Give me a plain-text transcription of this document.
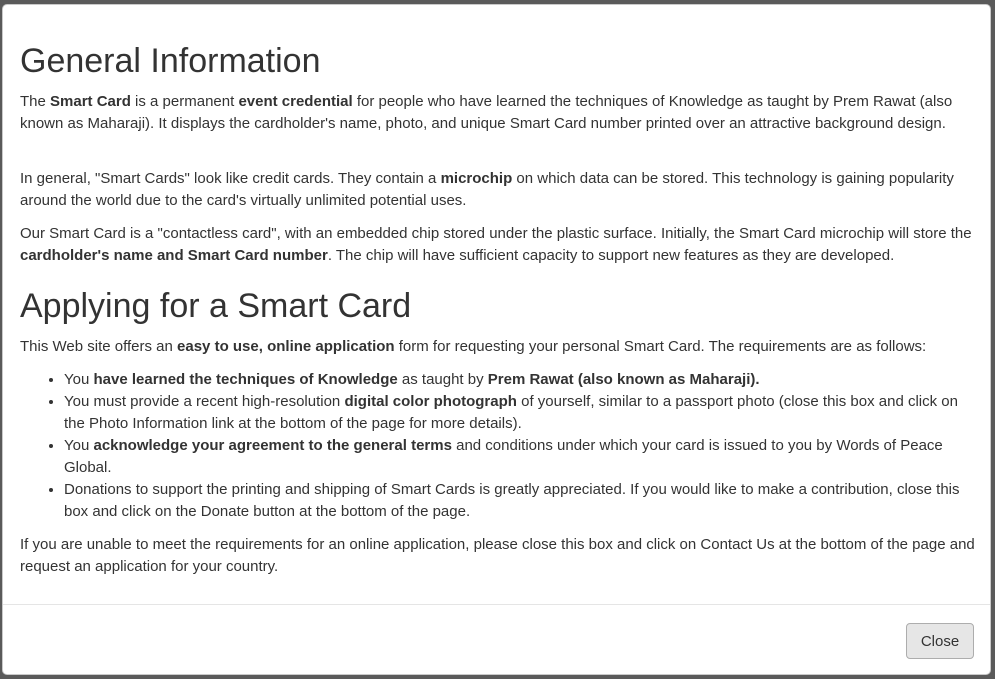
General Information

The Smart Card is a permanent event credential for people who have learned the techniques of Knowledge as taught by Prem Rawat (also known as Maharaji). It displays the cardholder's name, photo, and unique Smart Card number printed over an attractive background design.

In general, "Smart Cards" look like credit cards. They contain a microchip on which data can be stored. This technology is gaining popularity around the world due to the card's virtually unlimited potential uses.

Our Smart Card is a "contactless card", with an embedded chip stored under the plastic surface. Initially, the Smart Card microchip will store the cardholder's name and Smart Card number. The chip will have sufficient capacity to support new features as they are developed.

Applying for a Smart Card

This Web site offers an easy to use, online application form for requesting your personal Smart Card. The requirements are as follows:

• You have learned the techniques of Knowledge as taught by Prem Rawat (also known as Maharaji).
• You must provide a recent high-resolution digital color photograph of yourself, similar to a passport photo (close this box and click on the Photo Information link at the bottom of the page for more details).
• You acknowledge your agreement to the general terms and conditions under which your card is issued to you by Words of Peace Global.
• Donations to support the printing and shipping of Smart Cards is greatly appreciated. If you would like to make a contribution, close this box and click on the Donate button at the bottom of the page.

If you are unable to meet the requirements for an online application, please close this box and click on Contact Us at the bottom of the page and request an application for your country.

Close
